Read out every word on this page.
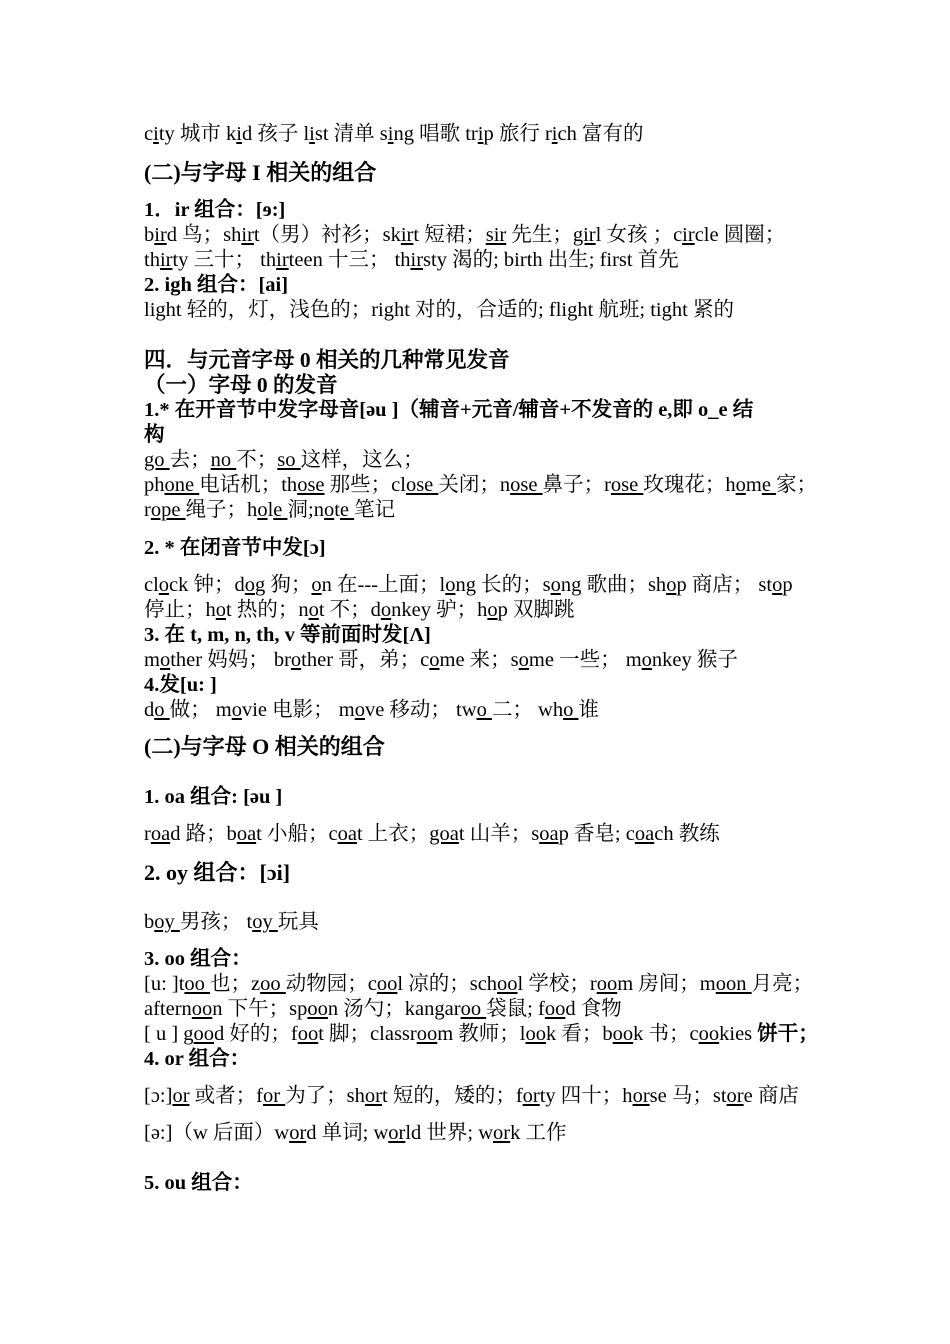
city 城市 kid 孩子 list 清单 sing 唱歌 trip 旅行 rich 富有的
(二)与字母 I 相关的组合
1．ir 组合：[ɘ:]
bird 鸟；shirt（男）衬衫；skirt 短裙；sir 先生；girl 女孩 ；circle 圆圈；
thirty 三十； thirteen 十三； thirsty 渴的; birth 出生; first 首先
2. igh 组合：[ai]
light 轻的，灯，浅色的；right 对的，合适的; flight 航班; tight 紧的
四．与元音字母 0 相关的几种常见发音
（一）字母 0 的发音
1.* 在开音节中发字母音[əu ]（辅音+元音/辅音+不发音的 e,即 o_e 结
构
go 去；no 不；so 这样，这么；
phone 电话机；those 那些；close 关闭；nose 鼻子；rose 玫瑰花；home 家；
rope 绳子；hole 洞;note 笔记
2. * 在闭音节中发[ɔ]
clock 钟；dog 狗；on 在---上面；long 长的；song 歌曲；shop 商店； stop
停止；hot 热的；not 不；donkey 驴；hop 双脚跳
3. 在 t, m, n, th, v 等前面时发[Λ]
mother 妈妈； brother 哥，弟；come 来；some 一些； monkey 猴子
4.发[u: ]
do 做； movie 电影； move 移动； two 二； who 谁
(二)与字母 O 相关的组合
1. oa 组合: [əu ]
road 路；boat 小船；coat 上衣；goat 山羊；soap 香皂; coach 教练
2. oy 组合：[ɔi]
boy 男孩； toy 玩具
3. oo 组合：
[u: ]too 也；zoo 动物园；cool 凉的；school 学校；room 房间；moon 月亮；
afternoon 下午；spoon 汤勺；kangaroo 袋鼠; food 食物
[ u ] good 好的；foot 脚；classroom 教师；look 看；book 书；cookies 饼干；
4. or 组合：
[ɔ:]or 或者；for 为了；short 短的，矮的；forty 四十；horse 马；store 商店
[ə:]（w 后面）word 单词; world 世界; work 工作
5. ou 组合：
